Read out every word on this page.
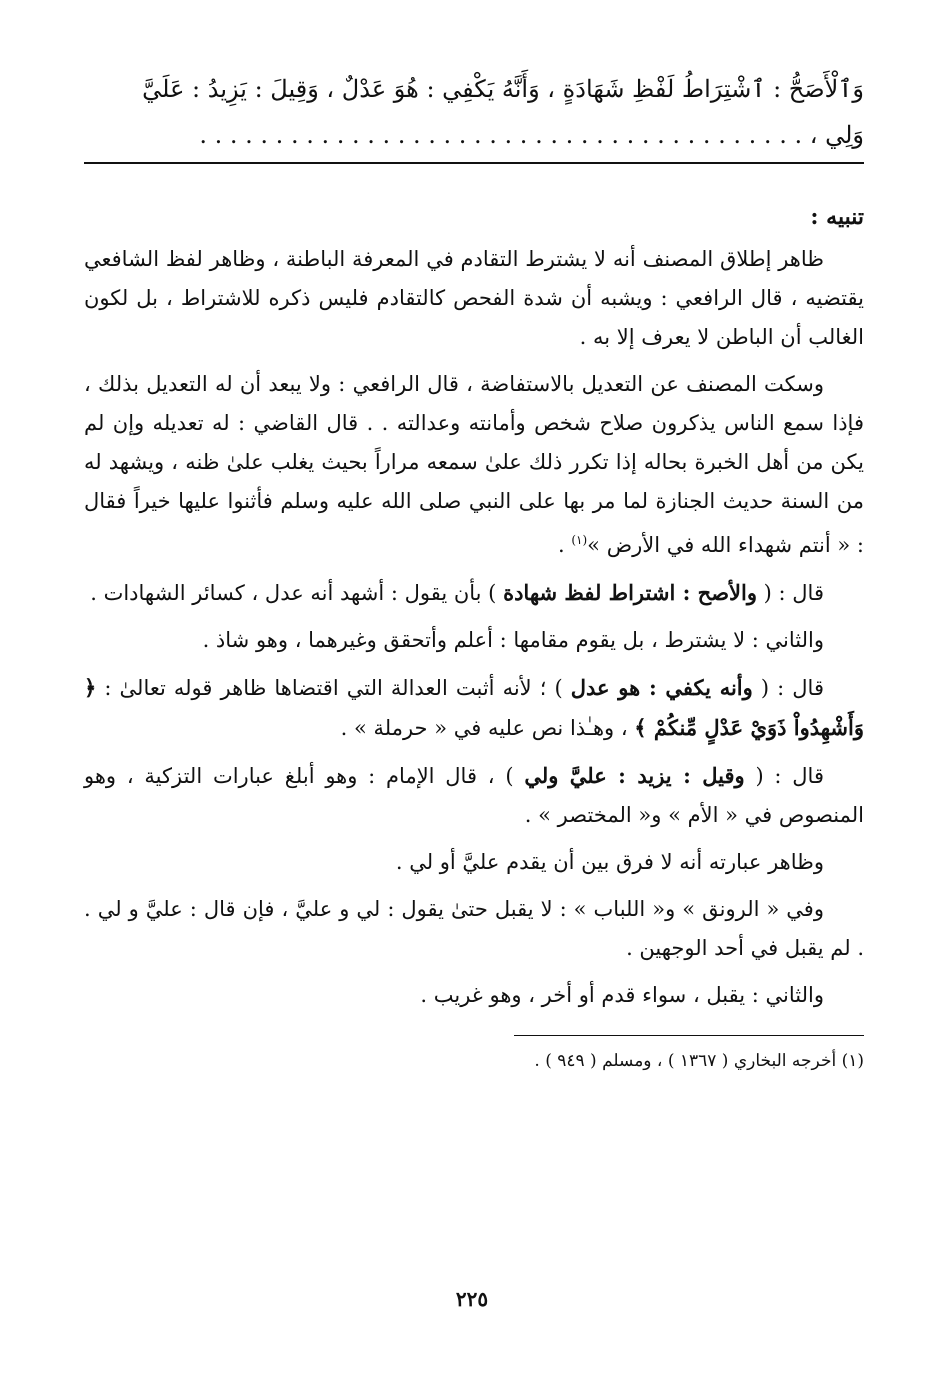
وَٱلْأَصَحُّ : ٱشْتِرَاطُ لَفْظِ شَهَادَةٍ ، وَأَنَّهُ يَكْفِي : هُوَ عَدْلٌ ، وَقِيلَ : يَزِيدُ : عَلَيَّ
وَلِي ، . . . . . . . . . . . . . . . . . . . . . . . . . . . . . . . . . . . . . . . .

تنبيه :

ظاهر إطلاق المصنف أنه لا يشترط التقادم في المعرفة الباطنة ، وظاهر لفظ الشافعي يقتضيه ، قال الرافعي : ويشبه أن شدة الفحص كالتقادم فليس ذكره للاشتراط ، بل لكون الغالب أن الباطن لا يعرف إلا به .

وسكت المصنف عن التعديل بالاستفاضة ، قال الرافعي : ولا يبعد أن له التعديل بذلك ، فإذا سمع الناس يذكرون صلاح شخص وأمانته وعدالته . . قال القاضي : له تعديله وإن لم يكن من أهل الخبرة بحاله إذا تكرر ذلك علىٰ سمعه مراراً بحيث يغلب علىٰ ظنه ، ويشهد له من السنة حديث الجنازة لما مر بها على النبي صلى الله عليه وسلم فأثنوا عليها خيراً فقال : « أنتم شهداء الله في الأرض »$^{(١)}$ .

قال : ( والأصح : اشتراط لفظ شهادة ) بأن يقول : أشهد أنه عدل ، كسائر الشهادات .

والثاني : لا يشترط ، بل يقوم مقامها : أعلم وأتحقق وغيرهما ، وهو شاذ .

قال : ( وأنه يكفي : هو عدل ) ؛ لأنه أثبت العدالة التي اقتضاها ظاهر قوله تعالىٰ : ﴿ وَأَشْهِدُواْ ذَوَيْ عَدْلٍ مِّنكُمْ ﴾ ، وهـٰذا نص عليه في « حرملة » .

قال : ( وقيل : يزيد : عليَّ ولي ) ، قال الإمام : وهو أبلغ عبارات التزكية ، وهو المنصوص في « الأم » و« المختصر » .

وظاهر عبارته أنه لا فرق بين أن يقدم عليَّ أو لي .

وفي « الرونق » و« اللباب » : لا يقبل حتىٰ يقول : لي و عليَّ ، فإن قال : عليَّ و لي . . لم يقبل في أحد الوجهين .

والثاني : يقبل ، سواء قدم أو أخر ، وهو غريب .

(١) أخرجه البخاري ( ١٣٦٧ ) ، ومسلم ( ٩٤٩ ) .

٢٢٥
